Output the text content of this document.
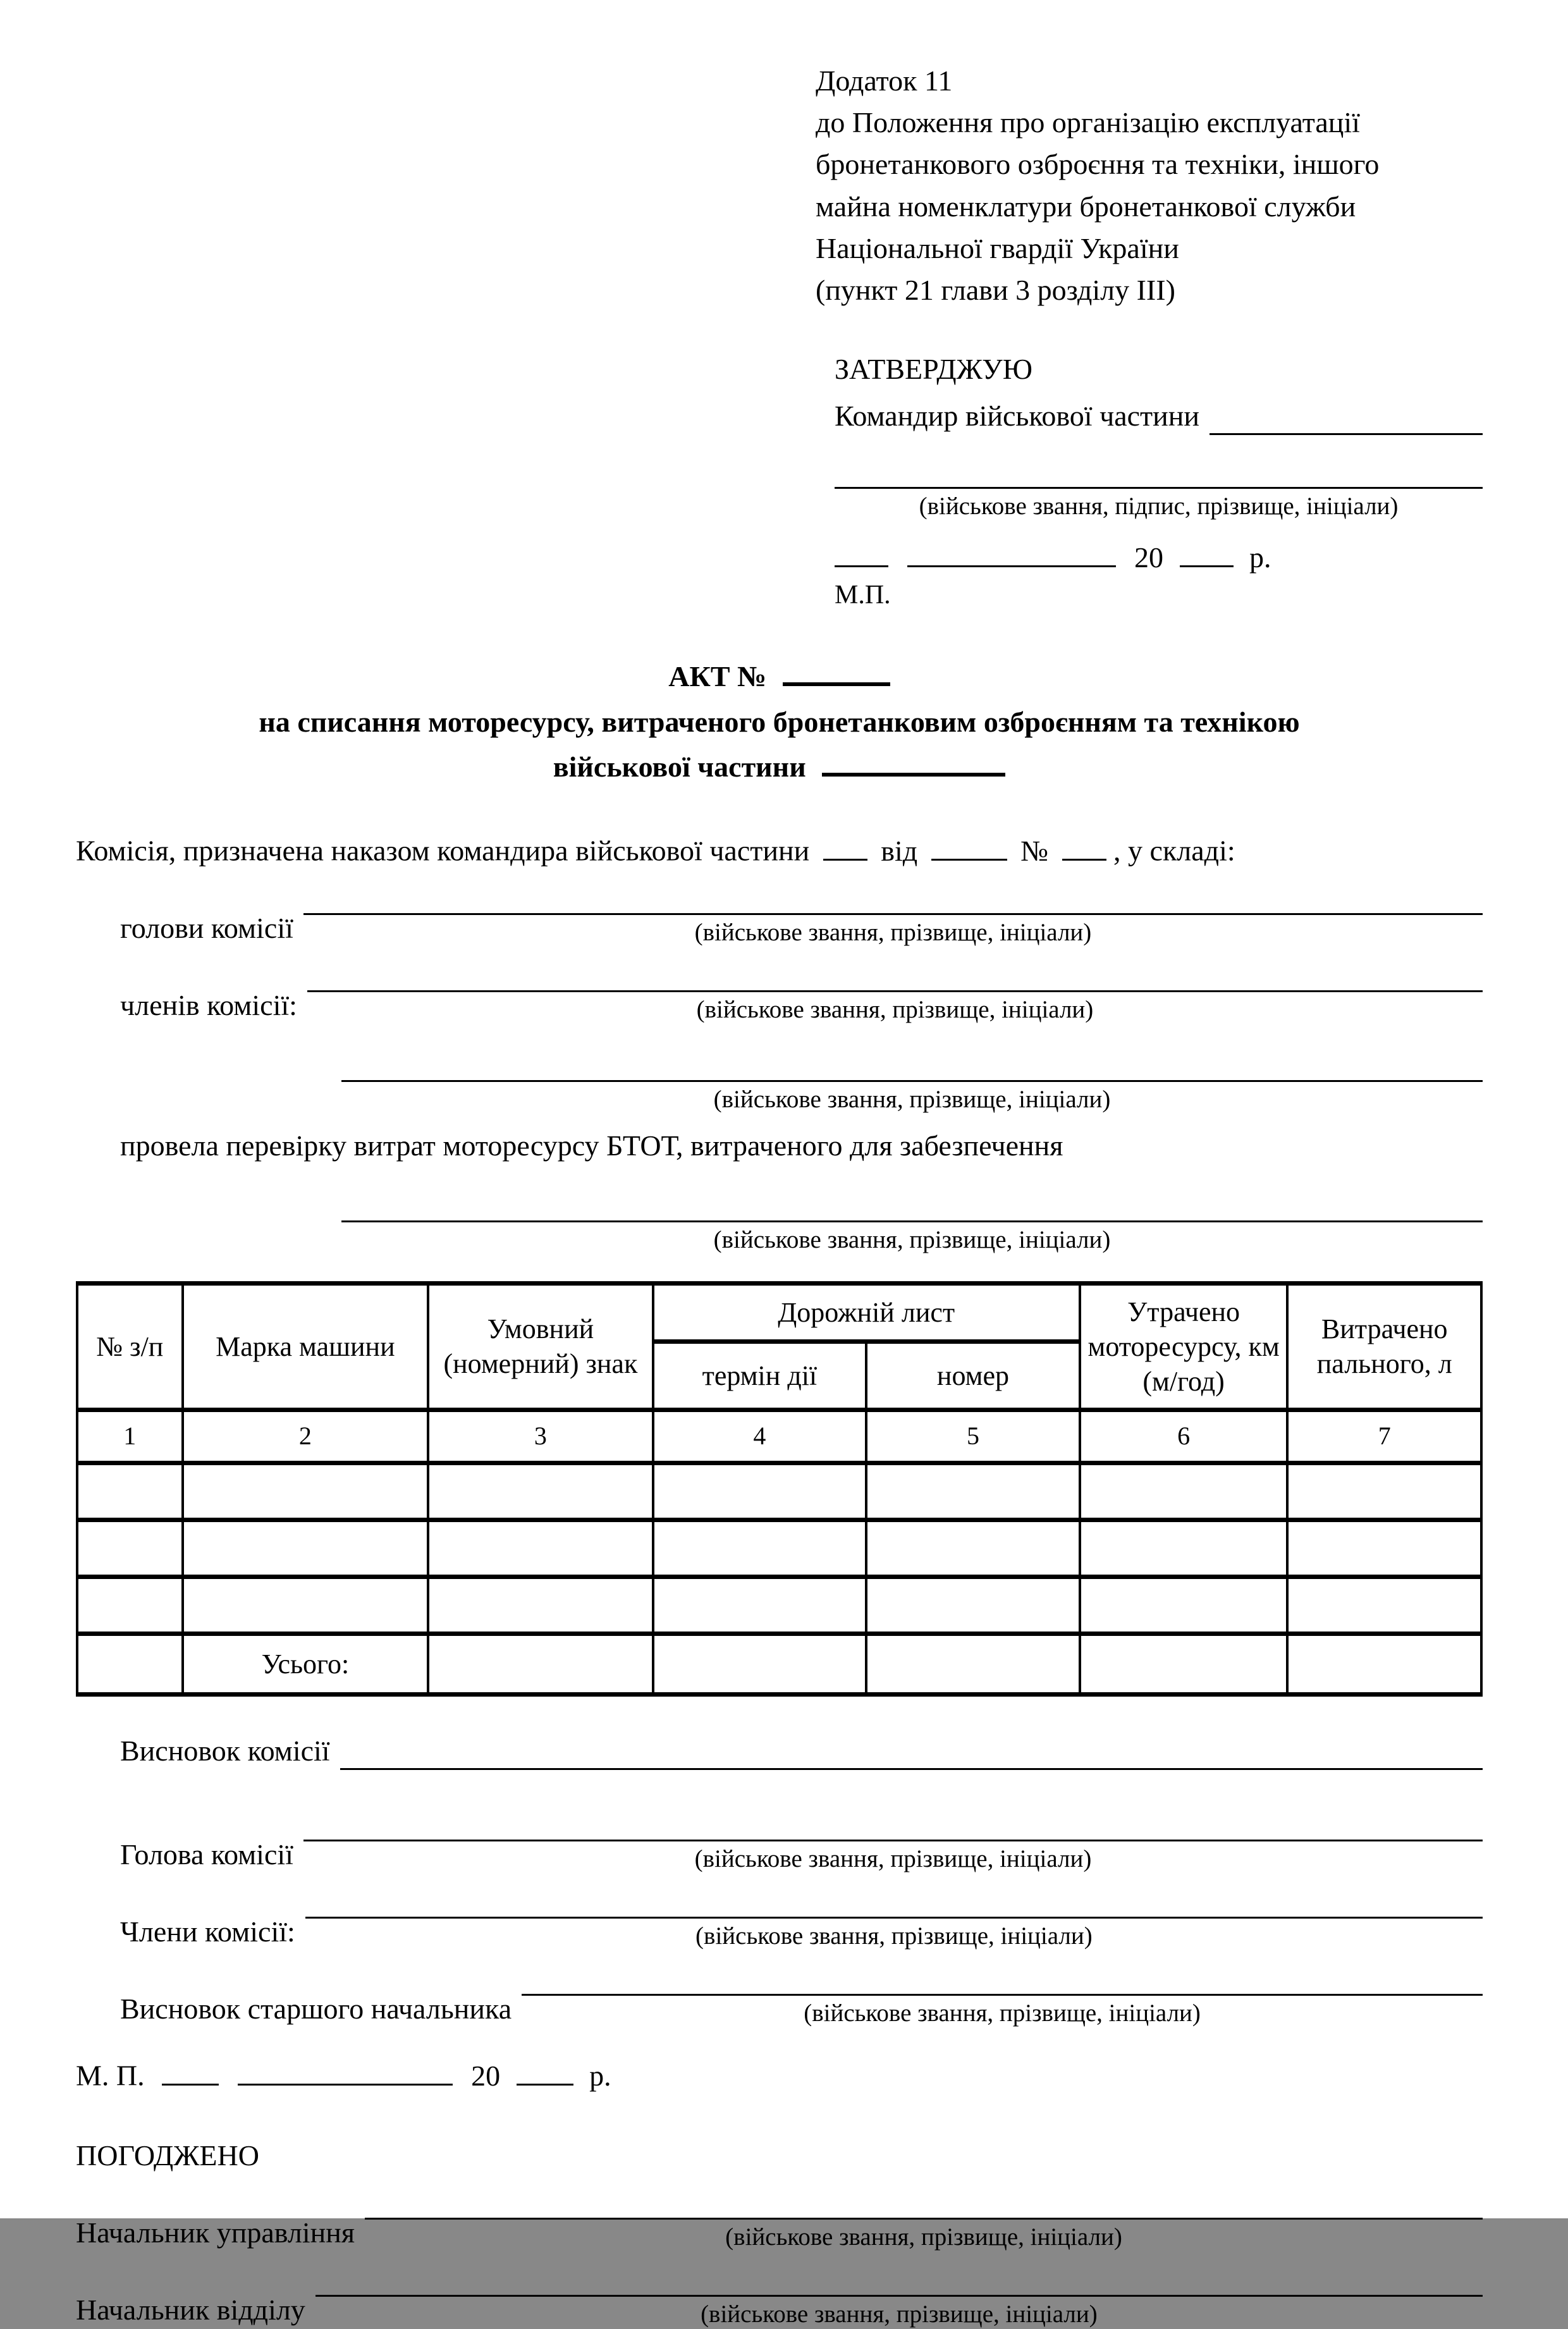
Додаток 11
до Положення про організацію експлуатації
бронетанкового озброєння та техніки, іншого
майна номенклатури бронетанкової служби
Національної гвардії України
(пункт 21 глави 3 розділу ІІІ)
ЗАТВЕРДЖУЮ
Командир військової частини
(військове звання, підпис, прізвище, ініціали)
20	р.
М.П.
АКТ №
на списання моторесурсу, витраченого бронетанковим озброєнням та технікою
військової частини
Комісія, призначена наказом командира військової частини від	№ , у складі:
голови комісії	(військове звання, прізвище, ініціали)
членів комісії:	(військове звання, прізвище, ініціали)
(військове звання, прізвище, ініціали)
провела перевірку витрат моторесурсу БТОТ, витраченого для забезпечення
(військове звання, прізвище, ініціали)
№ з/п	Марка машини	Умовний (номерний) знак	Дорожній лист		Утрачено моторесурсу, км (м/год)	Витрачено пального, л
			термін дії	номер		
1	2	3	4	5	6	7

	Усього:					
Висновок комісії
Голова комісії	(військове звання, прізвище, ініціали)
Члени комісії:	(військове звання, прізвище, ініціали)
Висновок старшого начальника	(військове звання, прізвище, ініціали)
М. П.	20	р.
ПОГОДЖЕНО
Начальник управління	(військове звання, прізвище, ініціали)
Начальник відділу	(військове звання, прізвище, ініціали)
